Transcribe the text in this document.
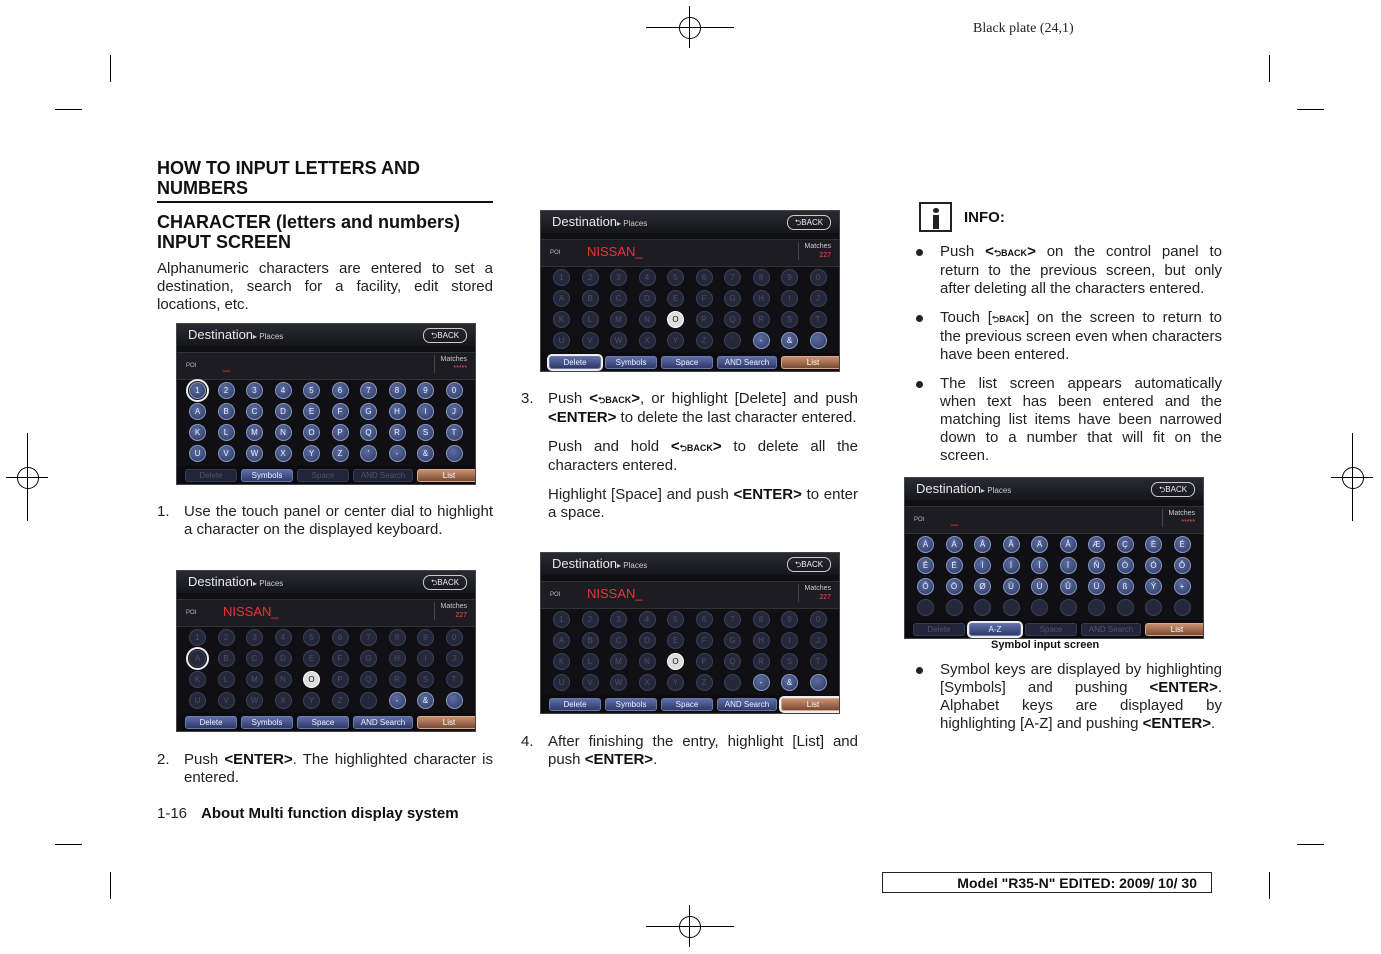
Black plate (24,1)
HOW TO INPUT LETTERS AND NUMBERS
CHARACTER (letters and numbers) INPUT SCREEN
Alphanumeric characters are entered to set a destination, search for a facility, edit stored locations, etc.
Destination▸ Places	⮌BACK
POI _	Matches
*****
1	2	3	4	5	6	7	8	9	0
A	B	C	D	E	F	G	H	I	J
K	L	M	N	O	P	Q	R	S	T
U	V	W	X	Y	Z	'	-	&
Delete	Symbols	Space	AND Search	List
1. Use the touch panel or center dial to highlight a character on the displayed keyboard.
Destination▸ Places	⮌BACK
POI NISSAN_	Matches
227
1	2	3	4	5	6	7	8	9	0
A	B	C	D	E	F	G	H	I	J
K	L	M	N	O	P	Q	R	S	T
U	V	W	X	Y	Z	'	-	&
Delete	Symbols	Space	AND Search	List
2. Push <ENTER>. The highlighted character is entered.
Destination▸ Places	⮌BACK
POI NISSAN_	Matches
227
1	2	3	4	5	6	7	8	9	0
A	B	C	D	E	F	G	H	I	J
K	L	M	N	O	P	Q	R	S	T
U	V	W	X	Y	Z	'	-	&
Delete	Symbols	Space	AND Search	List
3. Push <⮌BACK>, or highlight [Delete] and push <ENTER> to delete the last character entered.
Push and hold <⮌BACK> to delete all the characters entered.
Highlight [Space] and push <ENTER> to enter a space.
Destination▸ Places	⮌BACK
POI NISSAN_	Matches
227
1	2	3	4	5	6	7	8	9	0
A	B	C	D	E	F	G	H	I	J
K	L	M	N	O	P	Q	R	S	T
U	V	W	X	Y	Z	'	-	&
Delete	Symbols	Space	AND Search	List
4. After finishing the entry, highlight [List] and push <ENTER>.
INFO:
Push <⮌BACK> on the control panel to return to the previous screen, but only after deleting all the characters entered.
Touch [⮌BACK] on the screen to return to the previous screen even when characters have been entered.
The list screen appears automatically when text has been entered and the matching list items have been narrowed down to a number that will fit on the screen.
Destination▸ Places	⮌BACK
POI _	Matches
*****
À	Á	Â	Ã	Ä	Å	Æ	Ç	È	É
Ê	Ë	Ì	Í	Î	Ï	Ñ	Ò	Ó	Ô
Õ	Ö	Ø	Ù	Ú	Û	Ü	ß	Ý	+
Delete	A-Z	Space	AND Search	List
Symbol input screen
Symbol keys are displayed by highlighting [Symbols] and pushing <ENTER>. Alphabet keys are displayed by highlighting [A-Z] and pushing <ENTER>.
1-16 About Multi function display system
Model "R35-N" EDITED: 2009/ 10/ 30
